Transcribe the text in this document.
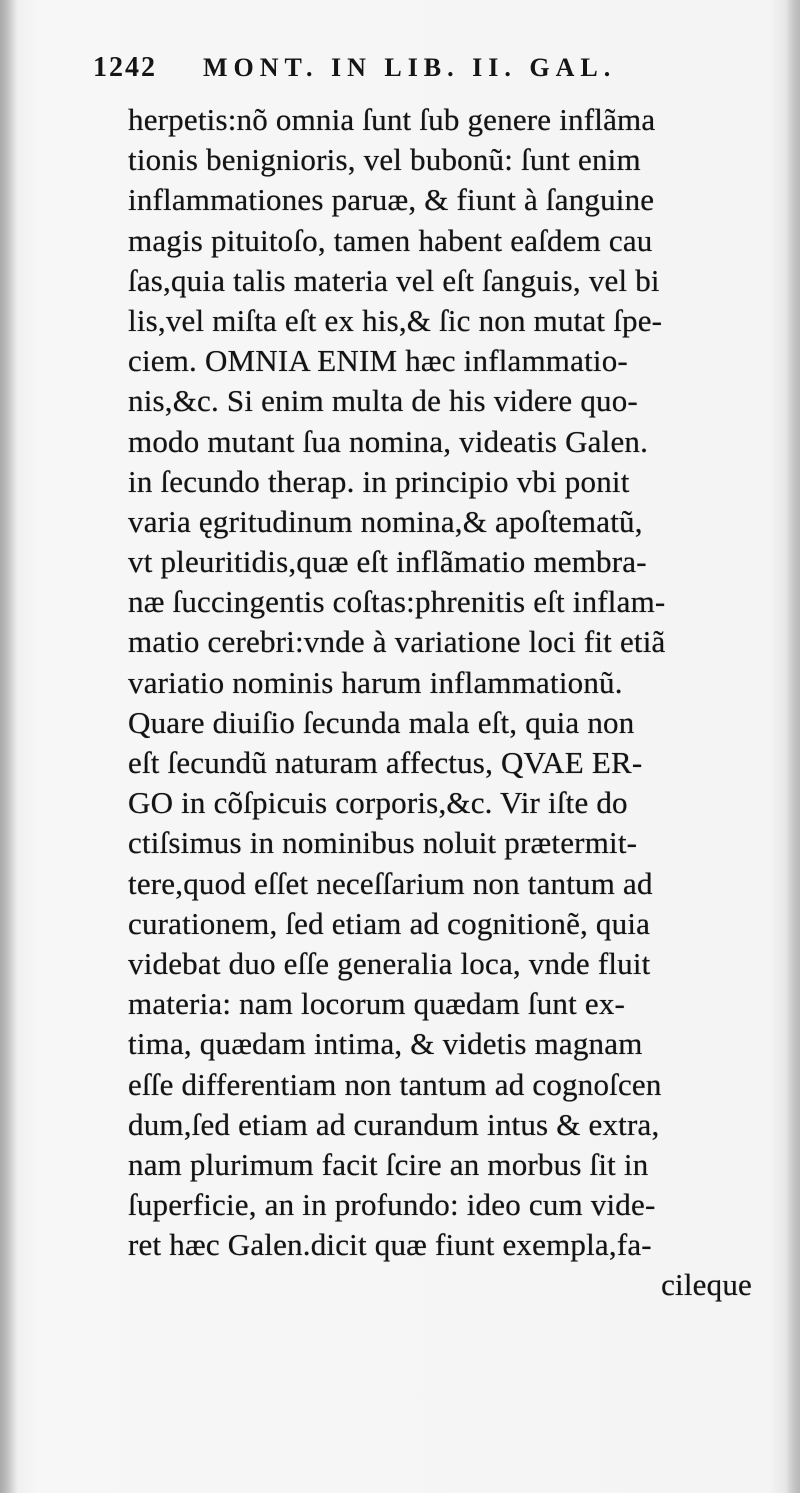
1242	MONT. IN LIB. II. GAL.
herpetis:nõ omnia ſunt ſub genere inflãma
tionis benignioris, vel bubonũ: ſunt enim
inflammationes paruæ, & fiunt à ſanguine
magis pituitoſo, tamen habent eaſdem cau
ſas,quia talis materia vel eſt ſanguis, vel bi
lis,vel miſta eſt ex his,& ſic non mutat ſpe-
ciem. OMNIA ENIM hæc inflammatio-
nis,&c. Si enim multa de his videre quo-
modo mutant ſua nomina, videatis Galen.
in ſecundo therap. in principio vbi ponit
varia ęgritudinum nomina,& apoſtematũ,
vt pleuritidis,quæ eſt inflãmatio membra-
næ ſuccingentis coſtas:phrenitis eſt inflam-
matio cerebri:vnde à variatione loci fit etiã
variatio nominis harum inflammationũ.
Quare diuiſio ſecunda mala eſt, quia non
eſt ſecundũ naturam affectus, QVAE ER-
GO in cõſpicuis corporis,&c. Vir iſte do
ctiſsimus in nominibus noluit prætermit-
tere,quod eſſet neceſſarium non tantum ad
curationem, ſed etiam ad cognitionẽ, quia
videbat duo eſſe generalia loca, vnde fluit
materia: nam locorum quædam ſunt ex-
tima, quædam intima, & videtis magnam
eſſe differentiam non tantum ad cognoſcen
dum,ſed etiam ad curandum intus & extra,
nam plurimum facit ſcire an morbus ſit in
ſuperficie, an in profundo: ideo cum vide-
ret hæc Galen.dicit quæ fiunt exempla,fa-
cileque
